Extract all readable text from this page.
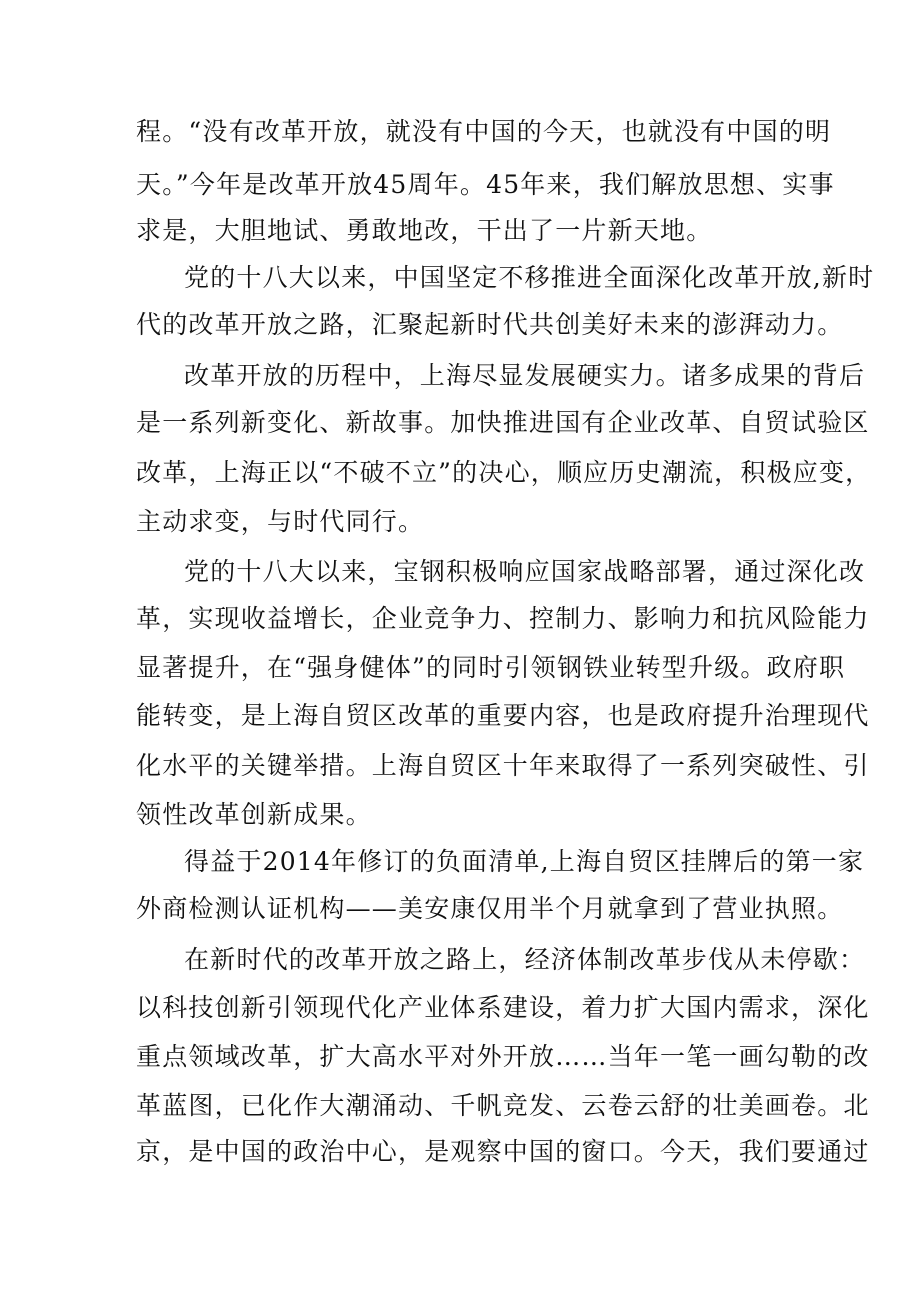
程。“没有改革开放，就没有中国的今天，也就没有中国的明
天。”今年是改革开放45周年。45年来，我们解放思想、实事
求是，大胆地试、勇敢地改，干出了一片新天地。
党的十八大以来，中国坚定不移推进全面深化改革开放,新时
代的改革开放之路，汇聚起新时代共创美好未来的澎湃动力。
改革开放的历程中，上海尽显发展硬实力。诸多成果的背后
是一系列新变化、新故事。加快推进国有企业改革、自贸试验区
改革，上海正以“不破不立”的决心，顺应历史潮流，积极应变，
主动求变，与时代同行。
党的十八大以来，宝钢积极响应国家战略部署，通过深化改
革，实现收益增长，企业竞争力、控制力、影响力和抗风险能力
显著提升，在“强身健体”的同时引领钢铁业转型升级。政府职
能转变，是上海自贸区改革的重要内容，也是政府提升治理现代
化水平的关键举措。上海自贸区十年来取得了一系列突破性、引
领性改革创新成果。
得益于2014年修订的负面清单,上海自贸区挂牌后的第一家
外商检测认证机构——美安康仅用半个月就拿到了营业执照。
在新时代的改革开放之路上，经济体制改革步伐从未停歇：
以科技创新引领现代化产业体系建设，着力扩大国内需求，深化
重点领域改革，扩大高水平对外开放……当年一笔一画勾勒的改
革蓝图，已化作大潮涌动、千帆竞发、云卷云舒的壮美画卷。北
京，是中国的政治中心，是观察中国的窗口。今天，我们要通过
